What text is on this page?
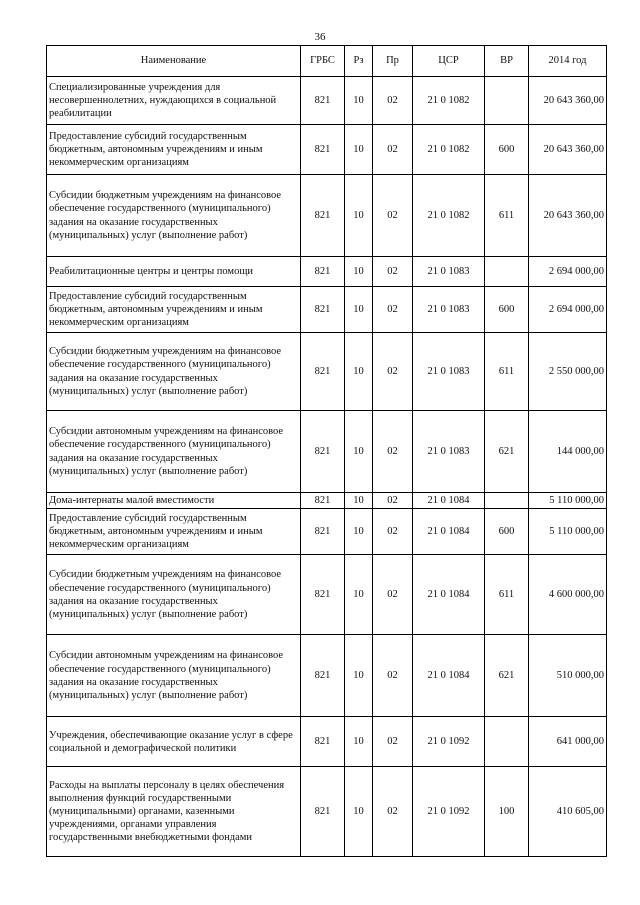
36
Наименование	ГРБС	Рз	Пр	ЦСР	ВР	2014 год
Специализированные учреждения для несовершеннолетних, нуждающихся в социальной реабилитации	821	10	02	21 0 1082		20 643 360,00
Предоставление субсидий государственным бюджетным, автономным учреждениям и иным некоммерческим организациям	821	10	02	21 0 1082	600	20 643 360,00
Субсидии бюджетным учреждениям на финансовое обеспечение государственного (муниципального) задания на оказание государственных (муниципальных) услуг (выполнение работ)	821	10	02	21 0 1082	611	20 643 360,00
Реабилитационные центры и центры помощи	821	10	02	21 0 1083		2 694 000,00
Предоставление субсидий государственным бюджетным, автономным учреждениям и иным некоммерческим организациям	821	10	02	21 0 1083	600	2 694 000,00
Субсидии бюджетным учреждениям на финансовое обеспечение государственного (муниципального) задания на оказание государственных (муниципальных) услуг (выполнение работ)	821	10	02	21 0 1083	611	2 550 000,00
Субсидии автономным учреждениям на финансовое обеспечение государственного (муниципального) задания на оказание государственных (муниципальных) услуг (выполнение работ)	821	10	02	21 0 1083	621	144 000,00
Дома-интернаты малой вместимости	821	10	02	21 0 1084		5 110 000,00
Предоставление субсидий государственным бюджетным, автономным учреждениям и иным некоммерческим организациям	821	10	02	21 0 1084	600	5 110 000,00
Субсидии бюджетным учреждениям на финансовое обеспечение государственного (муниципального) задания на оказание государственных (муниципальных) услуг (выполнение работ)	821	10	02	21 0 1084	611	4 600 000,00
Субсидии автономным учреждениям на финансовое обеспечение государственного (муниципального) задания на оказание государственных (муниципальных) услуг (выполнение работ)	821	10	02	21 0 1084	621	510 000,00
Учреждения, обеспечивающие оказание услуг в сфере социальной и демографической политики	821	10	02	21 0 1092		641 000,00
Расходы на выплаты персоналу в целях обеспечения выполнения функций государственными (муниципальными) органами, казенными учреждениями, органами управления государственными внебюджетными фондами	821	10	02	21 0 1092	100	410 605,00
